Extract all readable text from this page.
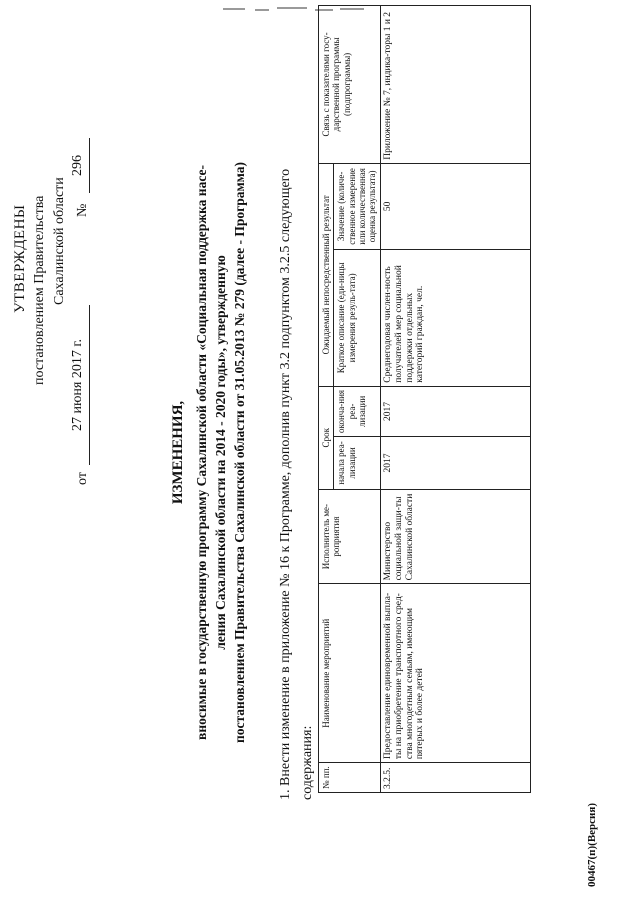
УТВЕРЖДЕНЫ постановлением Правительства Сахалинской области
от
27 июня 2017 г.
№
296
ИЗМЕНЕНИЯ, вносимые в государственную программу Сахалинской области «Социальная поддержка насе- ления Сахалинской области на 2014 - 2020 годы», утвержденную постановлением Правительства Сахалинской области от 31.05.2013 № 279 (далее - Программа) 1. Внести изменение в приложение № 16 к Программе, дополнив пункт 3.2 подпунктом 3.2.5 следующего содержания: № пп.	Наименование мероприятий	Исполнитель ме-роприятия	Срок		Ожидаемый непосредственный результат		Связь с показателями госу-дарственной программы (подпрограммы)
			начала реа-лизации	оконча-ния реа-лизации	Краткое описание (еди-ницы измерения резуль-тата)	Значение (количе-ственное измерение или количественная оценка результата)	
3.2.5.	Предоставление единовременной выпла-ты на приобретение транспортного сред-ства многодетным семьям, имеющим пятерых и более детей	Министерство социальной защи-ты Сахалинской области	2017	2017	Среднегодовая числен-ность получателей мер социальной поддержки отдельных категорий граждан, чел.	50	Приложение № 7, индика-торы 1 и 2
00467(п)(Версия)
